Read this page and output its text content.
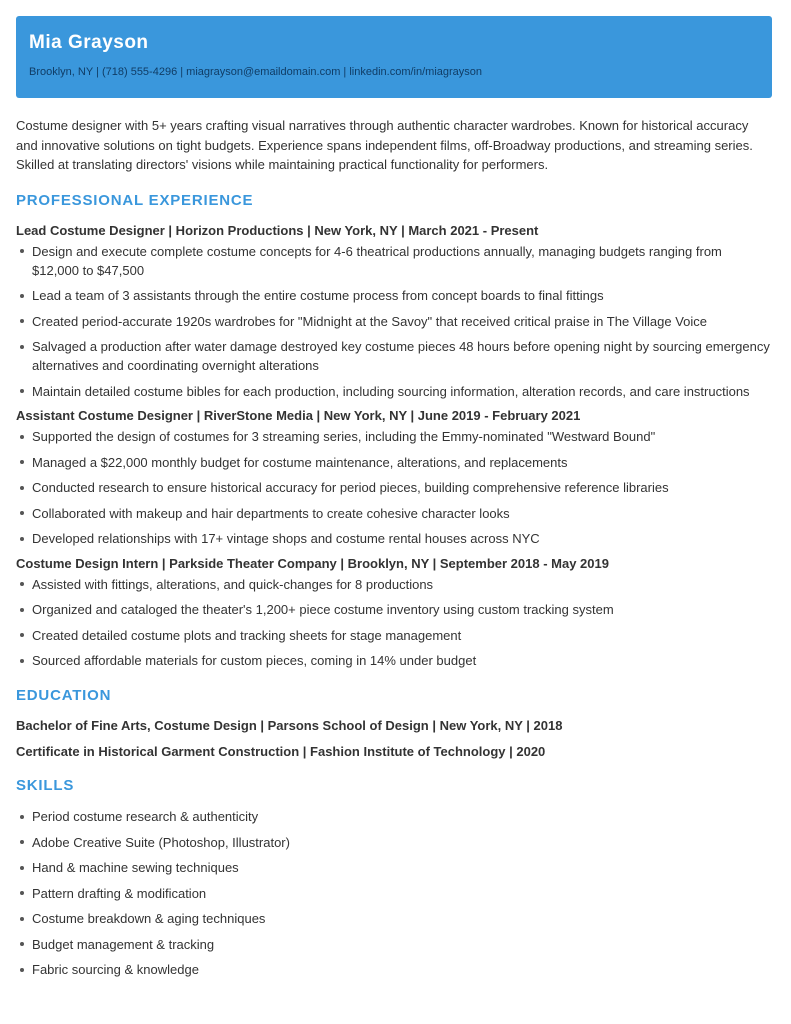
Mia Grayson
Brooklyn, NY | (718) 555-4296 | miagrayson@emaildomain.com | linkedin.com/in/miagrayson

Costume designer with 5+ years crafting visual narratives through authentic character wardrobes. Known for historical accuracy and innovative solutions on tight budgets. Experience spans independent films, off-Broadway productions, and streaming series. Skilled at translating directors' visions while maintaining practical functionality for performers.

PROFESSIONAL EXPERIENCE
Lead Costume Designer | Horizon Productions | New York, NY | March 2021 - Present
Design and execute complete costume concepts for 4-6 theatrical productions annually, managing budgets ranging from $12,000 to $47,500
Lead a team of 3 assistants through the entire costume process from concept boards to final fittings
Created period-accurate 1920s wardrobes for "Midnight at the Savoy" that received critical praise in The Village Voice
Salvaged a production after water damage destroyed key costume pieces 48 hours before opening night by sourcing emergency alternatives and coordinating overnight alterations
Maintain detailed costume bibles for each production, including sourcing information, alteration records, and care instructions
Assistant Costume Designer | RiverStone Media | New York, NY | June 2019 - February 2021
Supported the design of costumes for 3 streaming series, including the Emmy-nominated "Westward Bound"
Managed a $22,000 monthly budget for costume maintenance, alterations, and replacements
Conducted research to ensure historical accuracy for period pieces, building comprehensive reference libraries
Collaborated with makeup and hair departments to create cohesive character looks
Developed relationships with 17+ vintage shops and costume rental houses across NYC
Costume Design Intern | Parkside Theater Company | Brooklyn, NY | September 2018 - May 2019
Assisted with fittings, alterations, and quick-changes for 8 productions
Organized and cataloged the theater's 1,200+ piece costume inventory using custom tracking system
Created detailed costume plots and tracking sheets for stage management
Sourced affordable materials for custom pieces, coming in 14% under budget
EDUCATION
Bachelor of Fine Arts, Costume Design | Parsons School of Design | New York, NY | 2018
Certificate in Historical Garment Construction | Fashion Institute of Technology | 2020
SKILLS
Period costume research & authenticity
Adobe Creative Suite (Photoshop, Illustrator)
Hand & machine sewing techniques
Pattern drafting & modification
Costume breakdown & aging techniques
Budget management & tracking
Fabric sourcing & knowledge
